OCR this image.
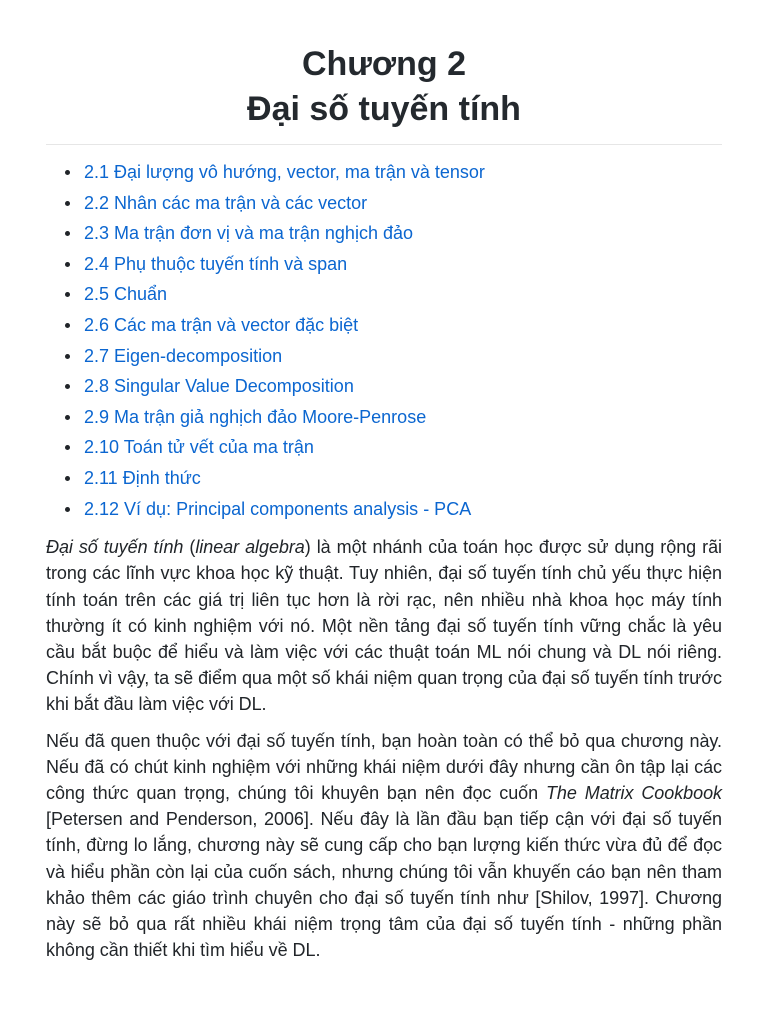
Chương 2
Đại số tuyến tính
2.1 Đại lượng vô hướng, vector, ma trận và tensor
2.2 Nhân các ma trận và các vector
2.3 Ma trận đơn vị và ma trận nghịch đảo
2.4 Phụ thuộc tuyến tính và span
2.5 Chuẩn
2.6 Các ma trận và vector đặc biệt
2.7 Eigen-decomposition
2.8 Singular Value Decomposition
2.9 Ma trận giả nghịch đảo Moore-Penrose
2.10 Toán tử vết của ma trận
2.11 Định thức
2.12 Ví dụ: Principal components analysis - PCA

Đại số tuyến tính (linear algebra) là một nhánh của toán học được sử dụng rộng rãi trong các lĩnh vực khoa học kỹ thuật. Tuy nhiên, đại số tuyến tính chủ yếu thực hiện tính toán trên các giá trị liên tục hơn là rời rạc, nên nhiều nhà khoa học máy tính thường ít có kinh nghiệm với nó. Một nền tảng đại số tuyến tính vững chắc là yêu cầu bắt buộc để hiểu và làm việc với các thuật toán ML nói chung và DL nói riêng. Chính vì vậy, ta sẽ điểm qua một số khái niệm quan trọng của đại số tuyến tính trước khi bắt đầu làm việc với DL.

Nếu đã quen thuộc với đại số tuyến tính, bạn hoàn toàn có thể bỏ qua chương này. Nếu đã có chút kinh nghiệm với những khái niệm dưới đây nhưng cần ôn tập lại các công thức quan trọng, chúng tôi khuyên bạn nên đọc cuốn The Matrix Cookbook [Petersen and Penderson, 2006]. Nếu đây là lần đầu bạn tiếp cận với đại số tuyến tính, đừng lo lắng, chương này sẽ cung cấp cho bạn lượng kiến thức vừa đủ để đọc và hiểu phần còn lại của cuốn sách, nhưng chúng tôi vẫn khuyến cáo bạn nên tham khảo thêm các giáo trình chuyên cho đại số tuyến tính như [Shilov, 1997]. Chương này sẽ bỏ qua rất nhiều khái niệm trọng tâm của đại số tuyến tính - những phần không cần thiết khi tìm hiểu về DL.
